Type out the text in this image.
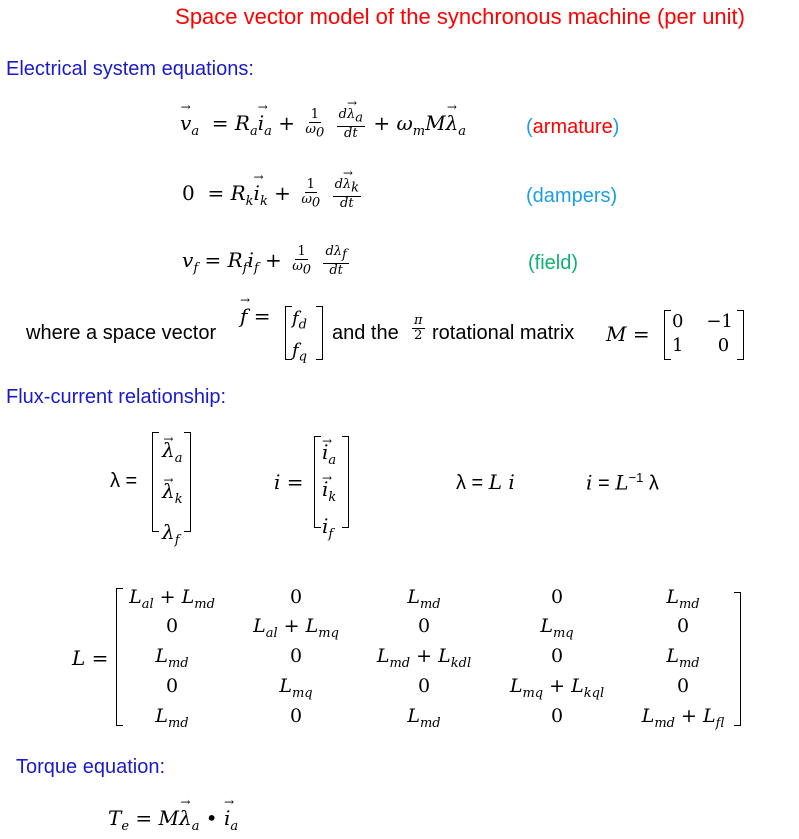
Space vector model of the synchronous machine (per unit)
Electrical system equations:
$v \to_a = R_ai \to_a + \frac{1}{\omega_0}$
$\frac{d\lambda \to_a}{dt} + \omega_mM\lambda \to_a$	(armature)
$0 = R_ki \to_k + \frac{1}{\omega_0}$
$\frac{d\lambda \to_k}{dt}$	(dampers)
$v_f = R_fi_f + \frac{1}{\omega_0}$
$\frac{d\lambda_f}{dt}$	(field)
where a space vector
f → = $f_d$
$f_q$
and the $\frac{\pi}{2}$ rotational matrix M =
0 −1
1 0
Flux-current relationship:
λ =
$\lambda \to_a$
$\lambda \to_k$
$\lambda_f$
i =
$i \to_a$
$i \to_k$
$i_f$
λ = L i	$i = L^{-1}$ λ
L =
$L_{al} + L_{md}$	0	$L_{md}$	0	$L_{md}$
0	$L_{al} + L_{mq}$	0	$L_{mq}$	0
$L_{md}$	0	$L_{md} + L_{kdl}$	0	$L_{md}$
0	$L_{mq}$	0	$L_{mq} + L_{kql}$	0
$L_{md}$	0	$L_{md}$	0	$L_{md} + L_{fl}$
Torque equation:
$T_e = M\lambda \to_a$ • $i \to_a$
